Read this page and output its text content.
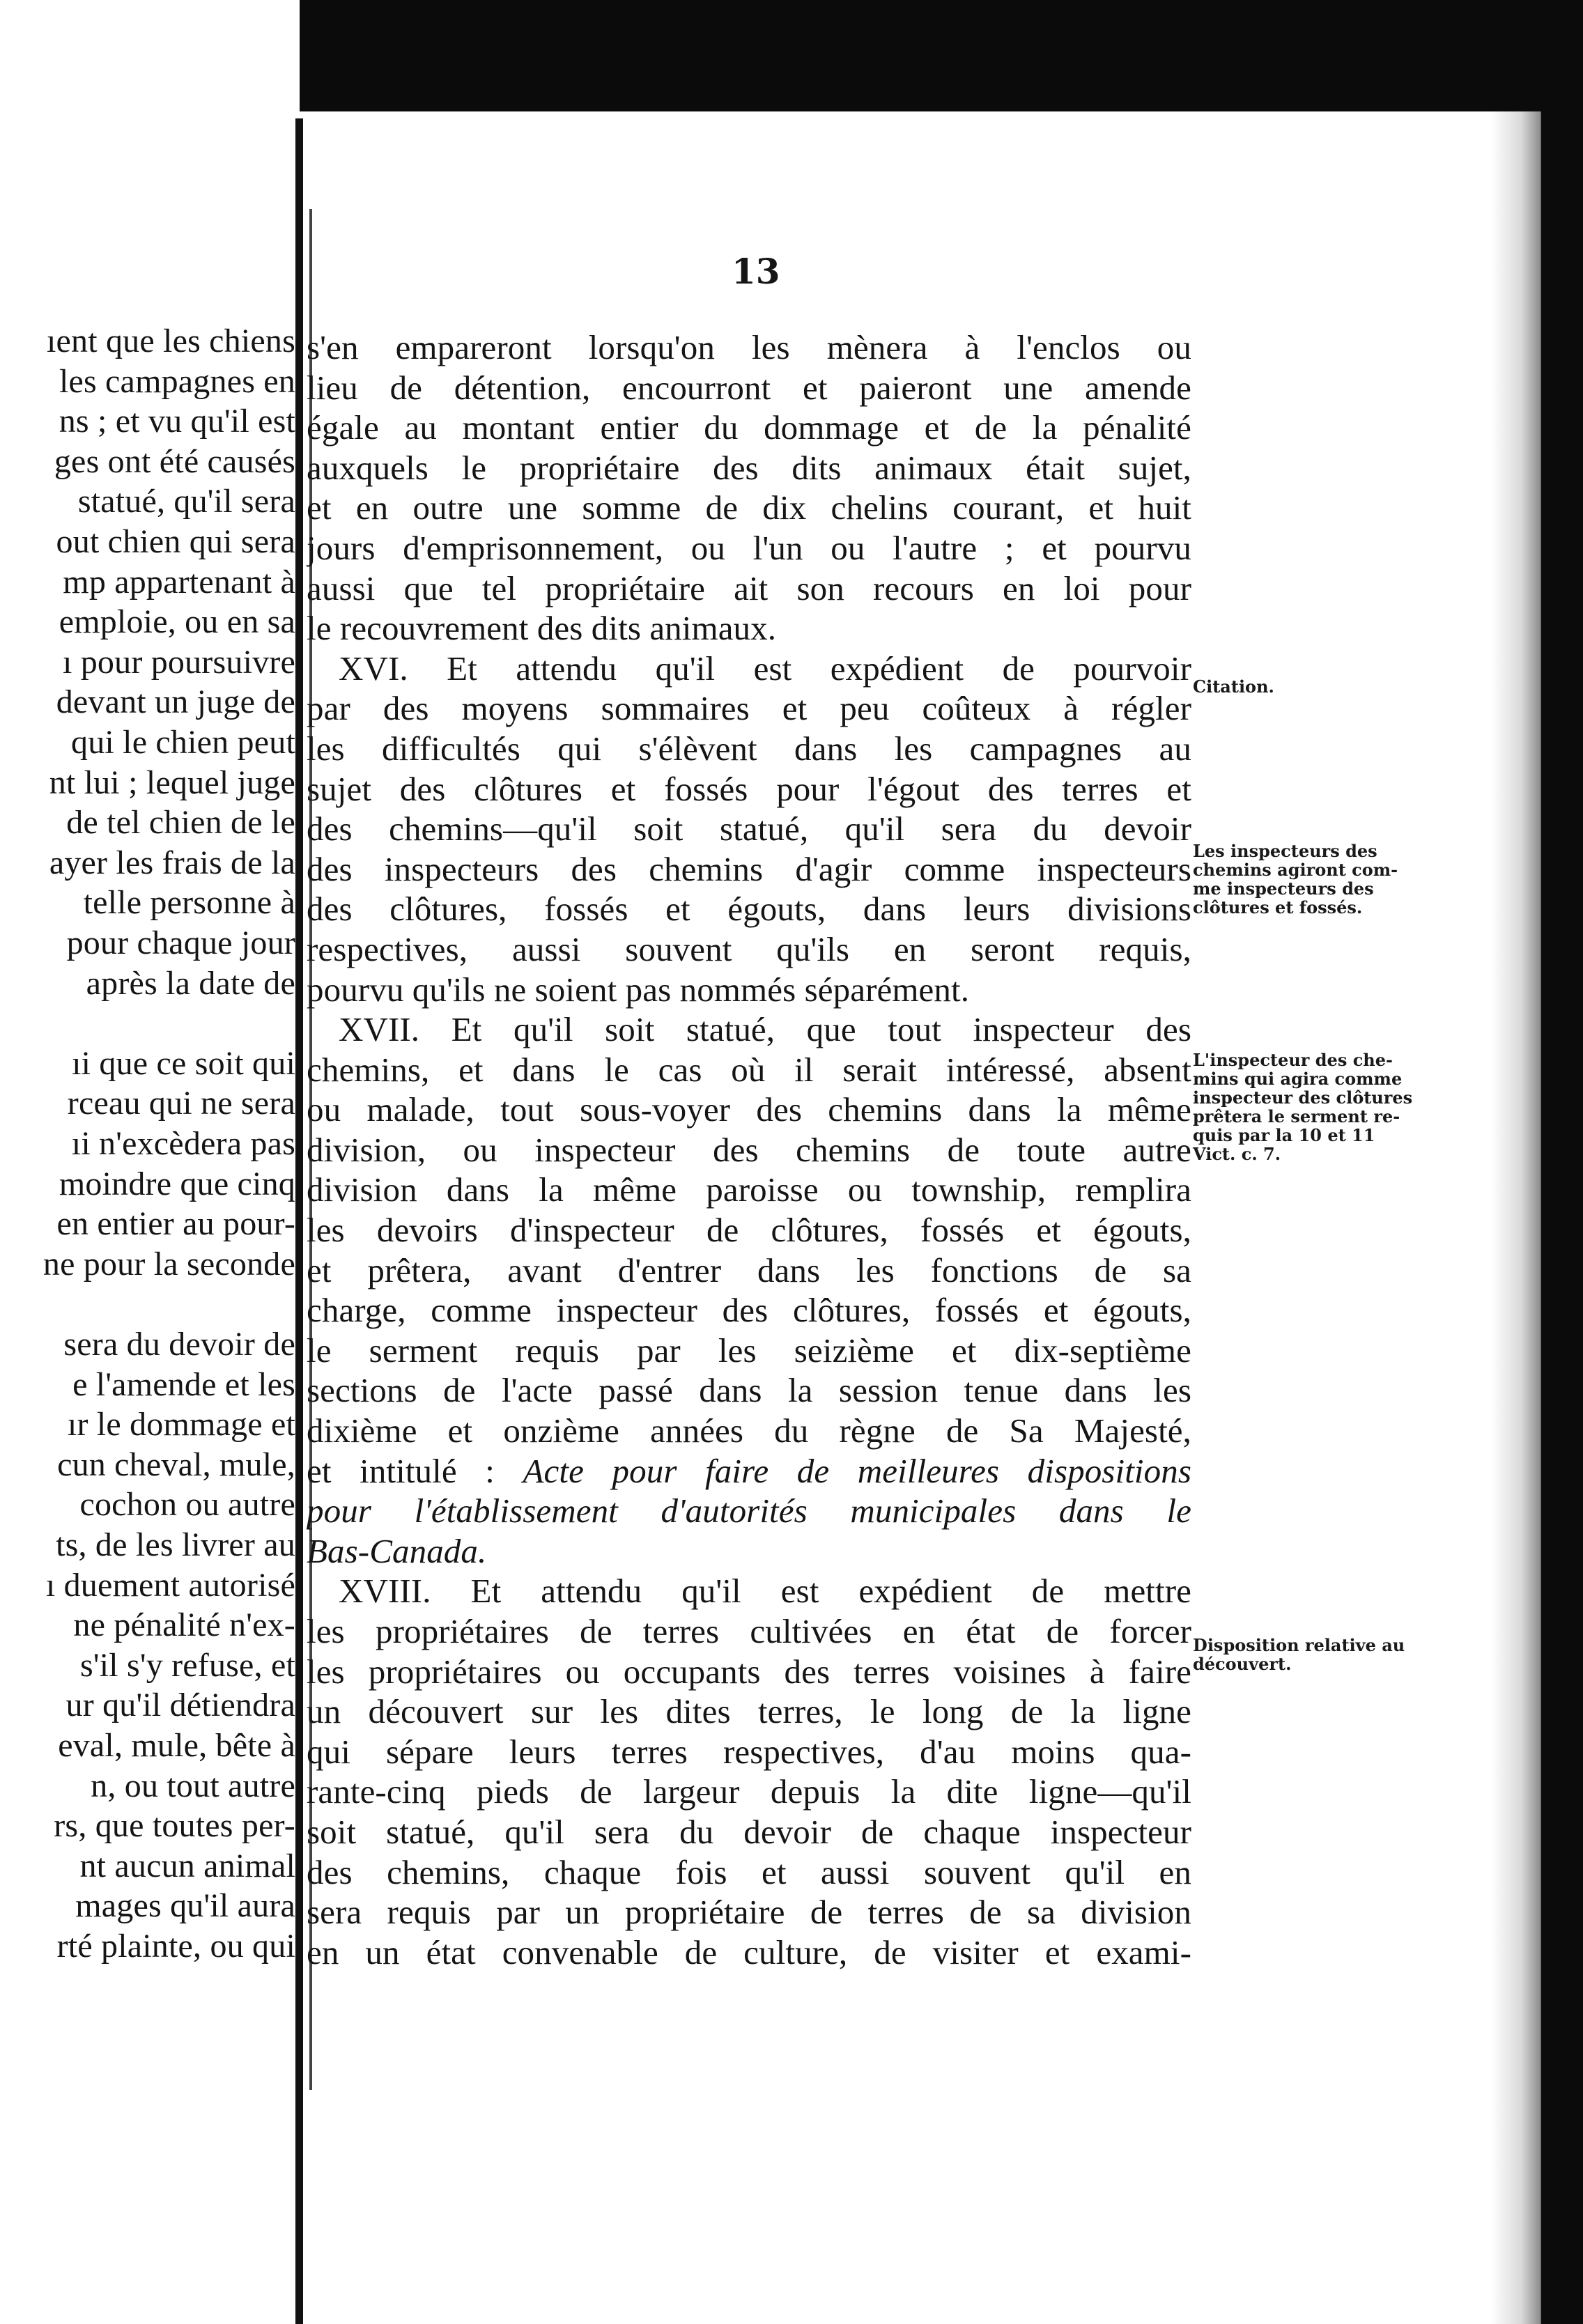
ıent que les chiens
les campagnes en
ns ; et vu qu'il est
ges ont été causés
statué, qu'il sera
out chien qui sera
mp appartenant à
emploie, ou en sa
ı pour poursuivre
devant un juge de
qui le chien peut
nt lui ; lequel juge
de tel chien de le
ayer les frais de la
telle personne à
pour chaque jour
après la date de
ıi que ce soit qui
rceau qui ne sera
ıi n'excèdera pas
moindre que cinq
en entier au pour-
ne pour la seconde
sera du devoir de
e l'amende et les
ır le dommage et
cun cheval, mule,
cochon ou autre
ts, de les livrer au
ı duement autorisé
ne pénalité n'ex-
s'il s'y refuse, et
ur qu'il détiendra
eval, mule, bête à
n, ou tout autre
rs, que toutes per-
nt aucun animal
mages qu'il aura
rté plainte, ou qui
13
s'en empareront lorsqu'on les mènera à l'enclos ou
lieu de détention, encourront et paieront une amende
égale au montant entier du dommage et de la pénalité
auxquels le propriétaire des dits animaux était sujet,
et en outre une somme de dix chelins courant, et huit
jours d'emprisonnement, ou l'un ou l'autre ; et pourvu
aussi que tel propriétaire ait son recours en loi pour
le recouvrement des dits animaux.
XVI. Et attendu qu'il est expédient de pourvoir
par des moyens sommaires et peu coûteux à régler
les difficultés qui s'élèvent dans les campagnes au
sujet des clôtures et fossés pour l'égout des terres et
des chemins—qu'il soit statué, qu'il sera du devoir
des inspecteurs des chemins d'agir comme inspecteurs
des clôtures, fossés et égouts, dans leurs divisions
respectives, aussi souvent qu'ils en seront requis,
pourvu qu'ils ne soient pas nommés séparément.
XVII. Et qu'il soit statué, que tout inspecteur des
chemins, et dans le cas où il serait intéressé, absent
ou malade, tout sous-voyer des chemins dans la même
division, ou inspecteur des chemins de toute autre
division dans la même paroisse ou township, remplira
les devoirs d'inspecteur de clôtures, fossés et égouts,
et prêtera, avant d'entrer dans les fonctions de sa
charge, comme inspecteur des clôtures, fossés et égouts,
le serment requis par les seizième et dix-septième
sections de l'acte passé dans la session tenue dans les
dixième et onzième années du règne de Sa Majesté,
et intitulé : Acte pour faire de meilleures dispositions
pour l'établissement d'autorités municipales dans le
Bas-Canada.
XVIII. Et attendu qu'il est expédient de mettre
les propriétaires de terres cultivées en état de forcer
les propriétaires ou occupants des terres voisines à faire
un découvert sur les dites terres, le long de la ligne
qui sépare leurs terres respectives, d'au moins qua-
rante-cinq pieds de largeur depuis la dite ligne—qu'il
soit statué, qu'il sera du devoir de chaque inspecteur
des chemins, chaque fois et aussi souvent qu'il en
sera requis par un propriétaire de terres de sa division
en un état convenable de culture, de visiter et exami-
Citation.
Les inspecteurs des
chemins agiront com-
me inspecteurs des
clôtures et fossés.
L'inspecteur des che-
mins qui agira comme
inspecteur des clôtures
prêtera le serment re-
quis par la 10 et 11
Vict. c. 7.
Disposition relative au
découvert.
